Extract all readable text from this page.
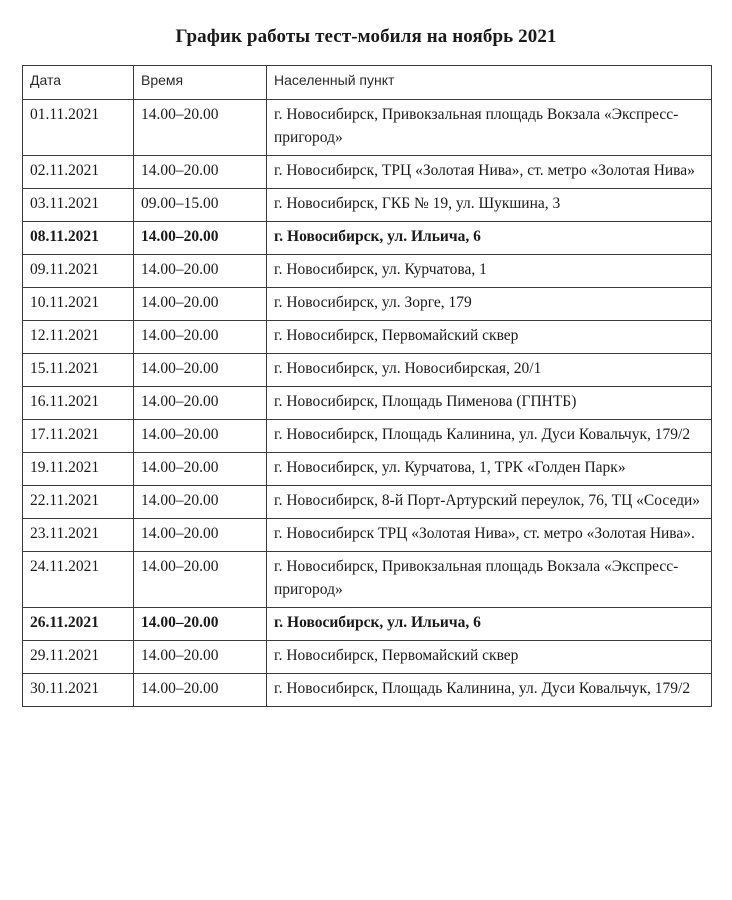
График работы тест-мобиля на ноябрь 2021
Дата	Время	Населенный пункт
01.11.2021	14.00–20.00	г. Новосибирск, Привокзальная площадь Вокзала «Экспресс-пригород»
02.11.2021	14.00–20.00	г. Новосибирск, ТРЦ «Золотая Нива», ст. метро «Золотая Нива»
03.11.2021	09.00–15.00	г. Новосибирск, ГКБ № 19, ул. Шукшина, 3
08.11.2021	14.00–20.00	г. Новосибирск, ул. Ильича, 6
09.11.2021	14.00–20.00	г. Новосибирск, ул. Курчатова, 1
10.11.2021	14.00–20.00	г. Новосибирск, ул. Зорге, 179
12.11.2021	14.00–20.00	г. Новосибирск, Первомайский сквер
15.11.2021	14.00–20.00	г. Новосибирск, ул. Новосибирская, 20/1
16.11.2021	14.00–20.00	г. Новосибирск, Площадь Пименова (ГПНТБ)
17.11.2021	14.00–20.00	г. Новосибирск, Площадь Калинина, ул. Дуси Ковальчук, 179/2
19.11.2021	14.00–20.00	г. Новосибирск, ул. Курчатова, 1, ТРК «Голден Парк»
22.11.2021	14.00–20.00	г. Новосибирск, 8-й Порт-Артурский переулок, 76, ТЦ «Соседи»
23.11.2021	14.00–20.00	г. Новосибирск ТРЦ «Золотая Нива», ст. метро «Золотая Нива».
24.11.2021	14.00–20.00	г. Новосибирск, Привокзальная площадь Вокзала «Экспресс-пригород»
26.11.2021	14.00–20.00	г. Новосибирск, ул. Ильича, 6
29.11.2021	14.00–20.00	г. Новосибирск, Первомайский сквер
30.11.2021	14.00–20.00	г. Новосибирск, Площадь Калинина, ул. Дуси Ковальчук, 179/2
